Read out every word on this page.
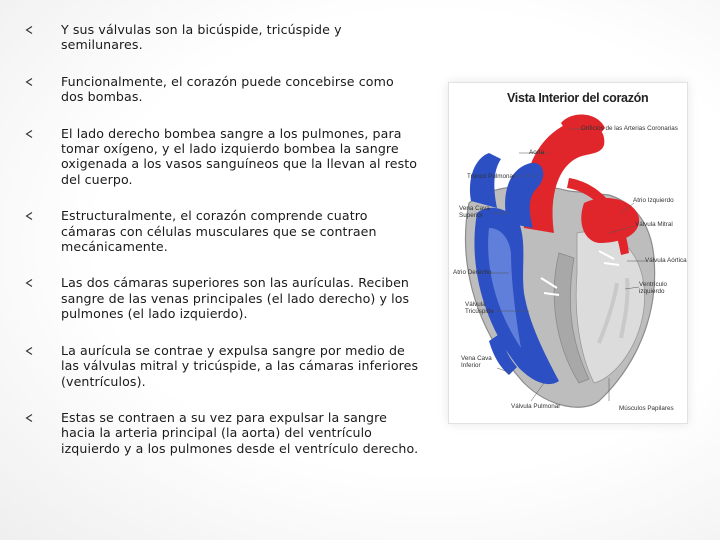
Y sus válvulas son la bicúspide, tricúspide y semilunares.
Funcionalmente, el corazón puede concebirse como dos bombas.
El lado derecho bombea sangre a los pulmones, para tomar oxígeno, y el lado izquierdo bombea la sangre oxigenada a los vasos sanguíneos que la llevan al resto del cuerpo.
Estructuralmente, el corazón comprende cuatro cámaras con células musculares que se contraen mecánicamente.
Las dos cámaras superiores son las aurículas. Reciben sangre de las venas principales (el lado derecho) y los pulmones (el lado izquierdo).
La aurícula se contrae y expulsa sangre por medio de las válvulas mitral y tricúspide, a las cámaras inferiores (ventrículos).
Estas se contraen a su vez para expulsar la sangre hacia la arteria principal (la aorta) del ventrículo izquierdo y a los pulmones desde el ventrículo derecho.
Vista Interior del corazón
Orificios de las Arterias Coronarias
Aorta
Tronco Pulmonar
Vena Cava
Superior
Atrio Izquierdo
Válvula Mitral
Válvula Aórtica
Atrio Derecho
Válvula
Tricúspide
Ventrículo
izquierdo
Vena Cava
Inferior
Válvula Pulmonar	Músculos Papilares
